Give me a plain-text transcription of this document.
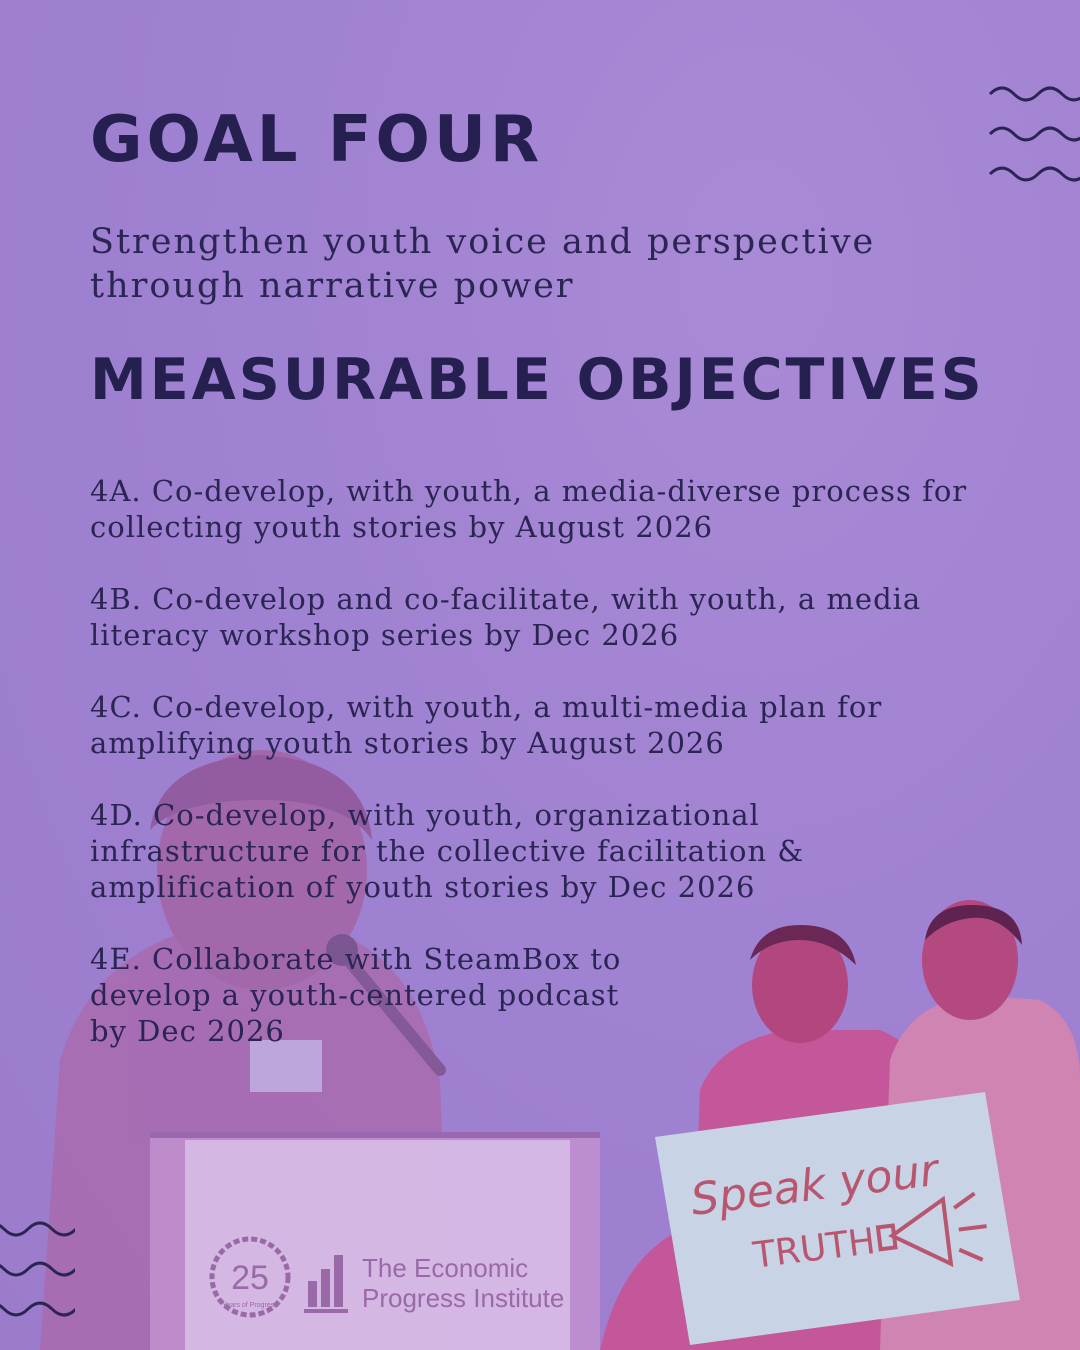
25
Years of Progress
The Economic
Progress Institute
Speak your
TRUTH
GOAL FOUR

Strengthen youth voice and perspective through narrative power

MEASURABLE OBJECTIVES

4A. Co-develop, with youth, a media-diverse process for collecting youth stories by August 2026

4B. Co-develop and co-facilitate, with youth, a media literacy workshop series by Dec 2026

4C. Co-develop, with youth, a multi-media plan for amplifying youth stories by August 2026

4D. Co-develop, with youth, organizational infrastructure for the collective facilitation & amplification of youth stories by Dec 2026

4E. Collaborate with SteamBox to develop a youth-centered podcast by Dec 2026
